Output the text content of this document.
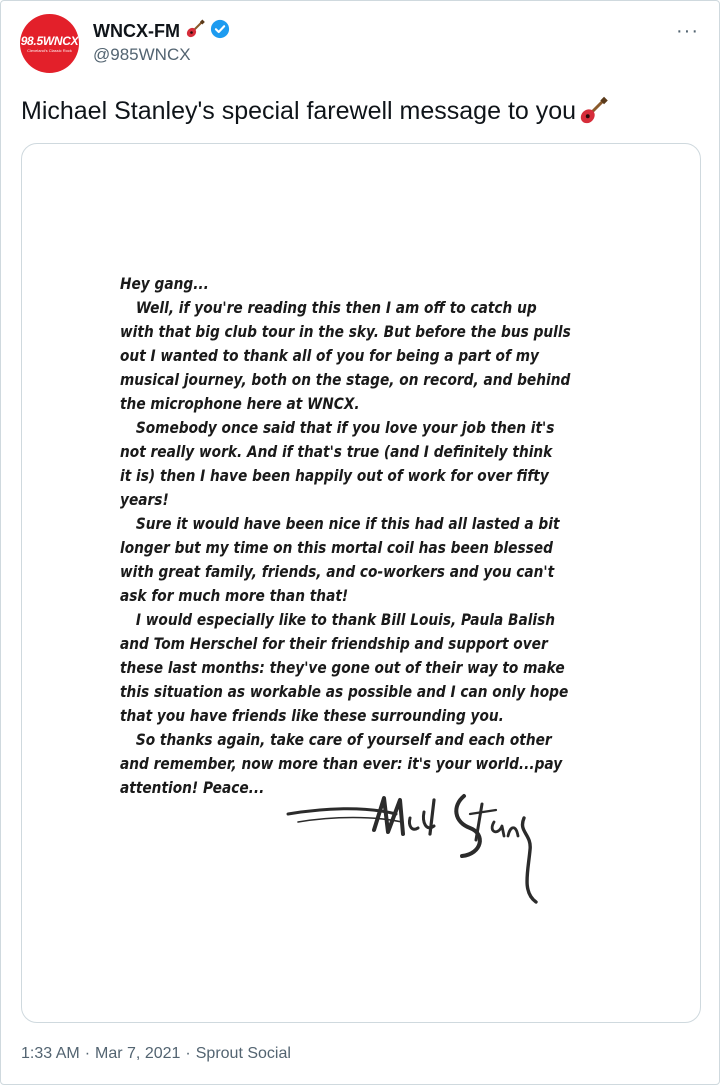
98.5WNCX
Cleveland's Classic Rock
WNCX-FM
@985WNCX
···
Michael Stanley's special farewell message to you

Hey gang...

Well, if you're reading this then I am off to catch up

with that big club tour in the sky. But before the bus pulls

out I wanted to thank all of you for being a part of my

musical journey, both on the stage, on record, and behind

the microphone here at WNCX.

Somebody once said that if you love your job then it's

not really work. And if that's true (and I definitely think

it is) then I have been happily out of work for over fifty

years!

Sure it would have been nice if this had all lasted a bit

longer but my time on this mortal coil has been blessed

with great family, friends, and co-workers and you can't

ask for much more than that!

I would especially like to thank Bill Louis, Paula Balish

and Tom Herschel for their friendship and support over

these last months: they've gone out of their way to make

this situation as workable as possible and I can only hope

that you have friends like these surrounding you.

So thanks again, take care of yourself and each other

and remember, now more than ever: it's your world...pay

attention! Peace...	Michael Stanley
1:33 AM · Mar 7, 2021 · Sprout Social
